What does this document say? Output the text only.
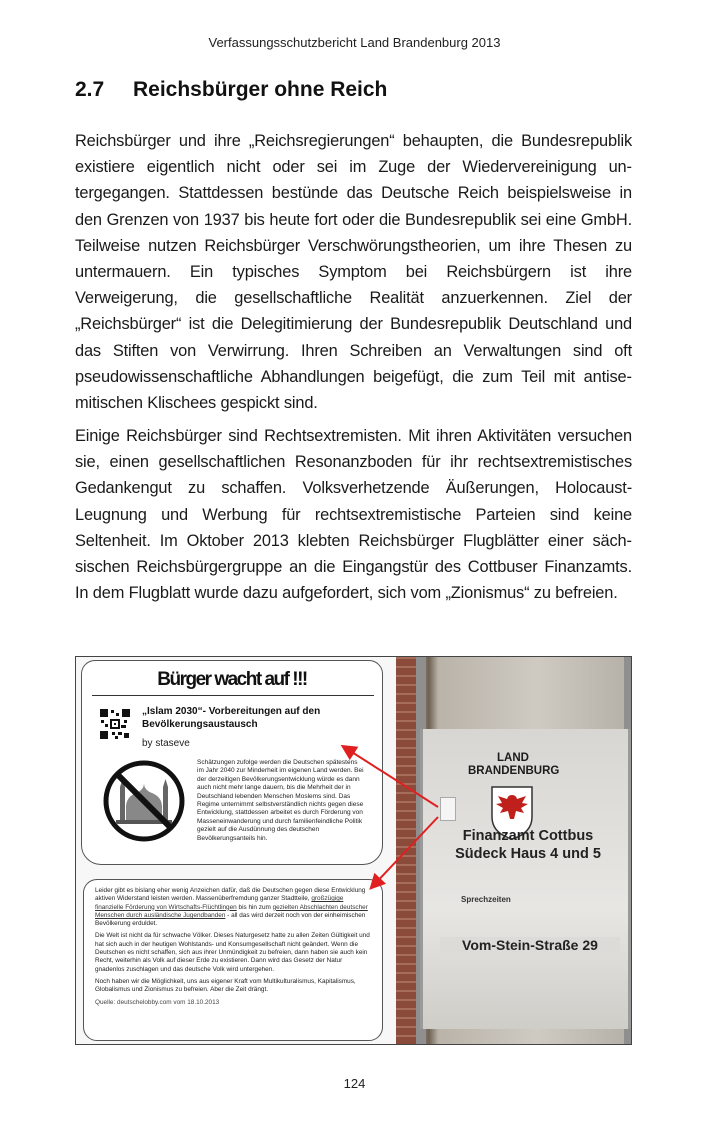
Verfassungsschutzbericht Land Brandenburg 2013
2.7 Reichsbürger ohne Reich
Reichsbürger und ihre „Reichsregierungen“ behaupten, die Bundesrepublik existiere eigentlich nicht oder sei im Zuge der Wiedervereinigung untergegangen. Stattdessen bestünde das Deutsche Reich beispielsweise in den Grenzen von 1937 bis heute fort oder die Bundesrepublik sei eine GmbH. Teilweise nutzen Reichsbürger Verschwörungstheorien, um ihre Thesen zu untermauern. Ein typisches Symptom bei Reichsbürgern ist ihre Verweigerung, die gesellschaftliche Realität anzuerkennen. Ziel der „Reichsbürger“ ist die Delegitimierung der Bundesrepublik Deutschland und das Stiften von Verwirrung. Ihren Schreiben an Verwaltungen sind oft pseudowissenschaftliche Abhandlungen beigefügt, die zum Teil mit antisemitischen Klischees gespickt sind.
Einige Reichsbürger sind Rechtsextremisten. Mit ihren Aktivitäten versuchen sie, einen gesellschaftlichen Resonanzboden für ihr rechtsextremistisches Gedankengut zu schaffen. Volksverhetzende Äußerungen, Holocaust-Leugnung und Werbung für rechtsextremistische Parteien sind keine Seltenheit. Im Oktober 2013 klebten Reichsbürger Flugblätter einer sächsischen Reichsbürgergruppe an die Eingangstür des Cottbuser Finanzamts. In dem Flugblatt wurde dazu aufgefordert, sich vom „Zionismus“ zu befreien.
Bürger wacht auf !!!
„Islam 2030“- Vorbereitungen auf den Bevölkerungsaustausch
by staseve
Schätzungen zufolge werden die Deutschen spätestens im Jahr 2040 zur Minderheit im eigenen Land werden. Bei der derzeitigen Bevölkerungsentwicklung würde es dann auch nicht mehr lange dauern, bis die Mehrheit der in Deutschland lebenden Menschen Moslems sind. Das Regime unternimmt selbstverständlich nichts gegen diese Entwicklung, stattdessen arbeitet es durch Förderung von Masseneinwanderung und durch familienfeindliche Politik gezielt auf die Ausdünnung des deutschen Bevölkerungsanteils hin.

Leider gibt es bislang eher wenig Anzeichen dafür, daß die Deutschen gegen diese Entwicklung aktiven Widerstand leisten werden. Massenüberfremdung ganzer Stadtteile, großzügige finanzielle Förderung von Wirtschafts-Flüchtlingen bis hin zum gezielten Abschlachten deutscher Menschen durch ausländische Jugendbanden - all das wird derzeit noch von der einheimischen Bevölkerung erduldet.

Die Welt ist nicht da für schwache Völker. Dieses Naturgesetz hatte zu allen Zeiten Gültigkeit und hat sich auch in der heutigen Wohlstands- und Konsumgesellschaft nicht geändert. Wenn die Deutschen es nicht schaffen, sich aus ihrer Unmündigkeit zu befreien, dann haben sie auch kein Recht, weiterhin als Volk auf dieser Erde zu existieren. Dann wird das Gesetz der Natur gnadenlos zuschlagen und das deutsche Volk wird untergehen.

Noch haben wir die Möglichkeit, uns aus eigener Kraft vom Multikulturalismus, Kapitalismus, Globalismus und Zionismus zu befreien. Aber die Zeit drängt.

Quelle: deutschelobby.com vom 18.10.2013

LAND BRANDENBURG
Finanzamt Cottbus
Südeck Haus 4 und 5
Sprechzeiten
Vom-Stein-Straße 29
124
